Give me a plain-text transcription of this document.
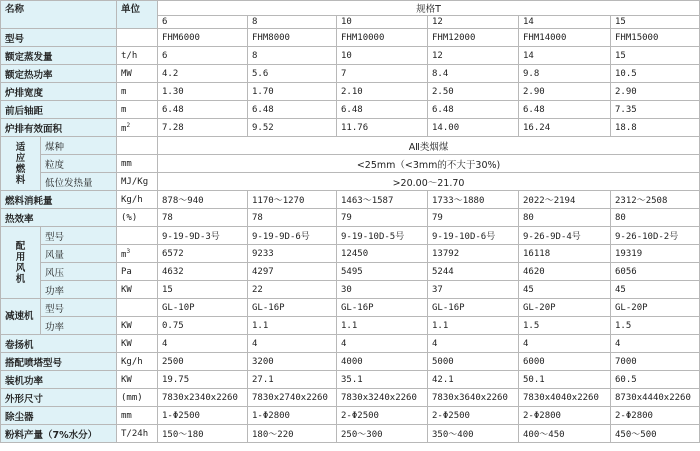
名称		单位	规格T					
			6	8	10	12	14	15
型号			FHM6000	FHM8000	FHM10000	FHM12000	FHM14000	FHM15000
额定蒸发量		t/h	6	8	10	12	14	15
额定热功率		MW	4.2	5.6	7	8.4	9.8	10.5
炉排宽度		m	1.30	1.70	2.10	2.50	2.90	2.90
前后轴距		m	6.48	6.48	6.48	6.48	6.48	7.35
炉排有效面积		$m^2$	7.28	9.52	11.76	14.00	16.24	18.8
适应燃料	煤种		AⅡ类烟煤					
	粒度	mm	<25mm（<3mm的不大于30%)					
	低位发热量	MJ/Kg	>20.00～21.70					
燃料消耗量		Kg/h	878～940	1170～1270	1463～1587	1733～1880	2022～2194	2312～2508
热效率		(%)	78	78	79	79	80	80
配用风机	型号		9-19-9D-3号	9-19-9D-6号	9-19-10D-5号	9-19-10D-6号	9-26-9D-4号	9-26-10D-2号
	风量	$m^3$	6572	9233	12450	13792	16118	19319
	风压	Pa	4632	4297	5495	5244	4620	6056
	功率	KW	15	22	30	37	45	45
减速机	型号		GL-10P	GL-16P	GL-16P	GL-16P	GL-20P	GL-20P
	功率	KW	0.75	1.1	1.1	1.1	1.5	1.5
卷扬机		KW	4	4	4	4	4	4
搭配喷塔型号		Kg/h	2500	3200	4000	5000	6000	7000
装机功率		KW	19.75	27.1	35.1	42.1	50.1	60.5
外形尺寸		(mm)	7830x2340x2260	7830x2740x2260	7830x3240x2260	7830x3640x2260	7830x4040x2260	8730x4440x2260
除尘器		mm	1-Φ2500	1-Φ2800	2-Φ2500	2-Φ2500	2-Φ2800	2-Φ2800
粉料产量（7%水分）		T/24h	150～180	180～220	250～300	350～400	400～450	450～500
